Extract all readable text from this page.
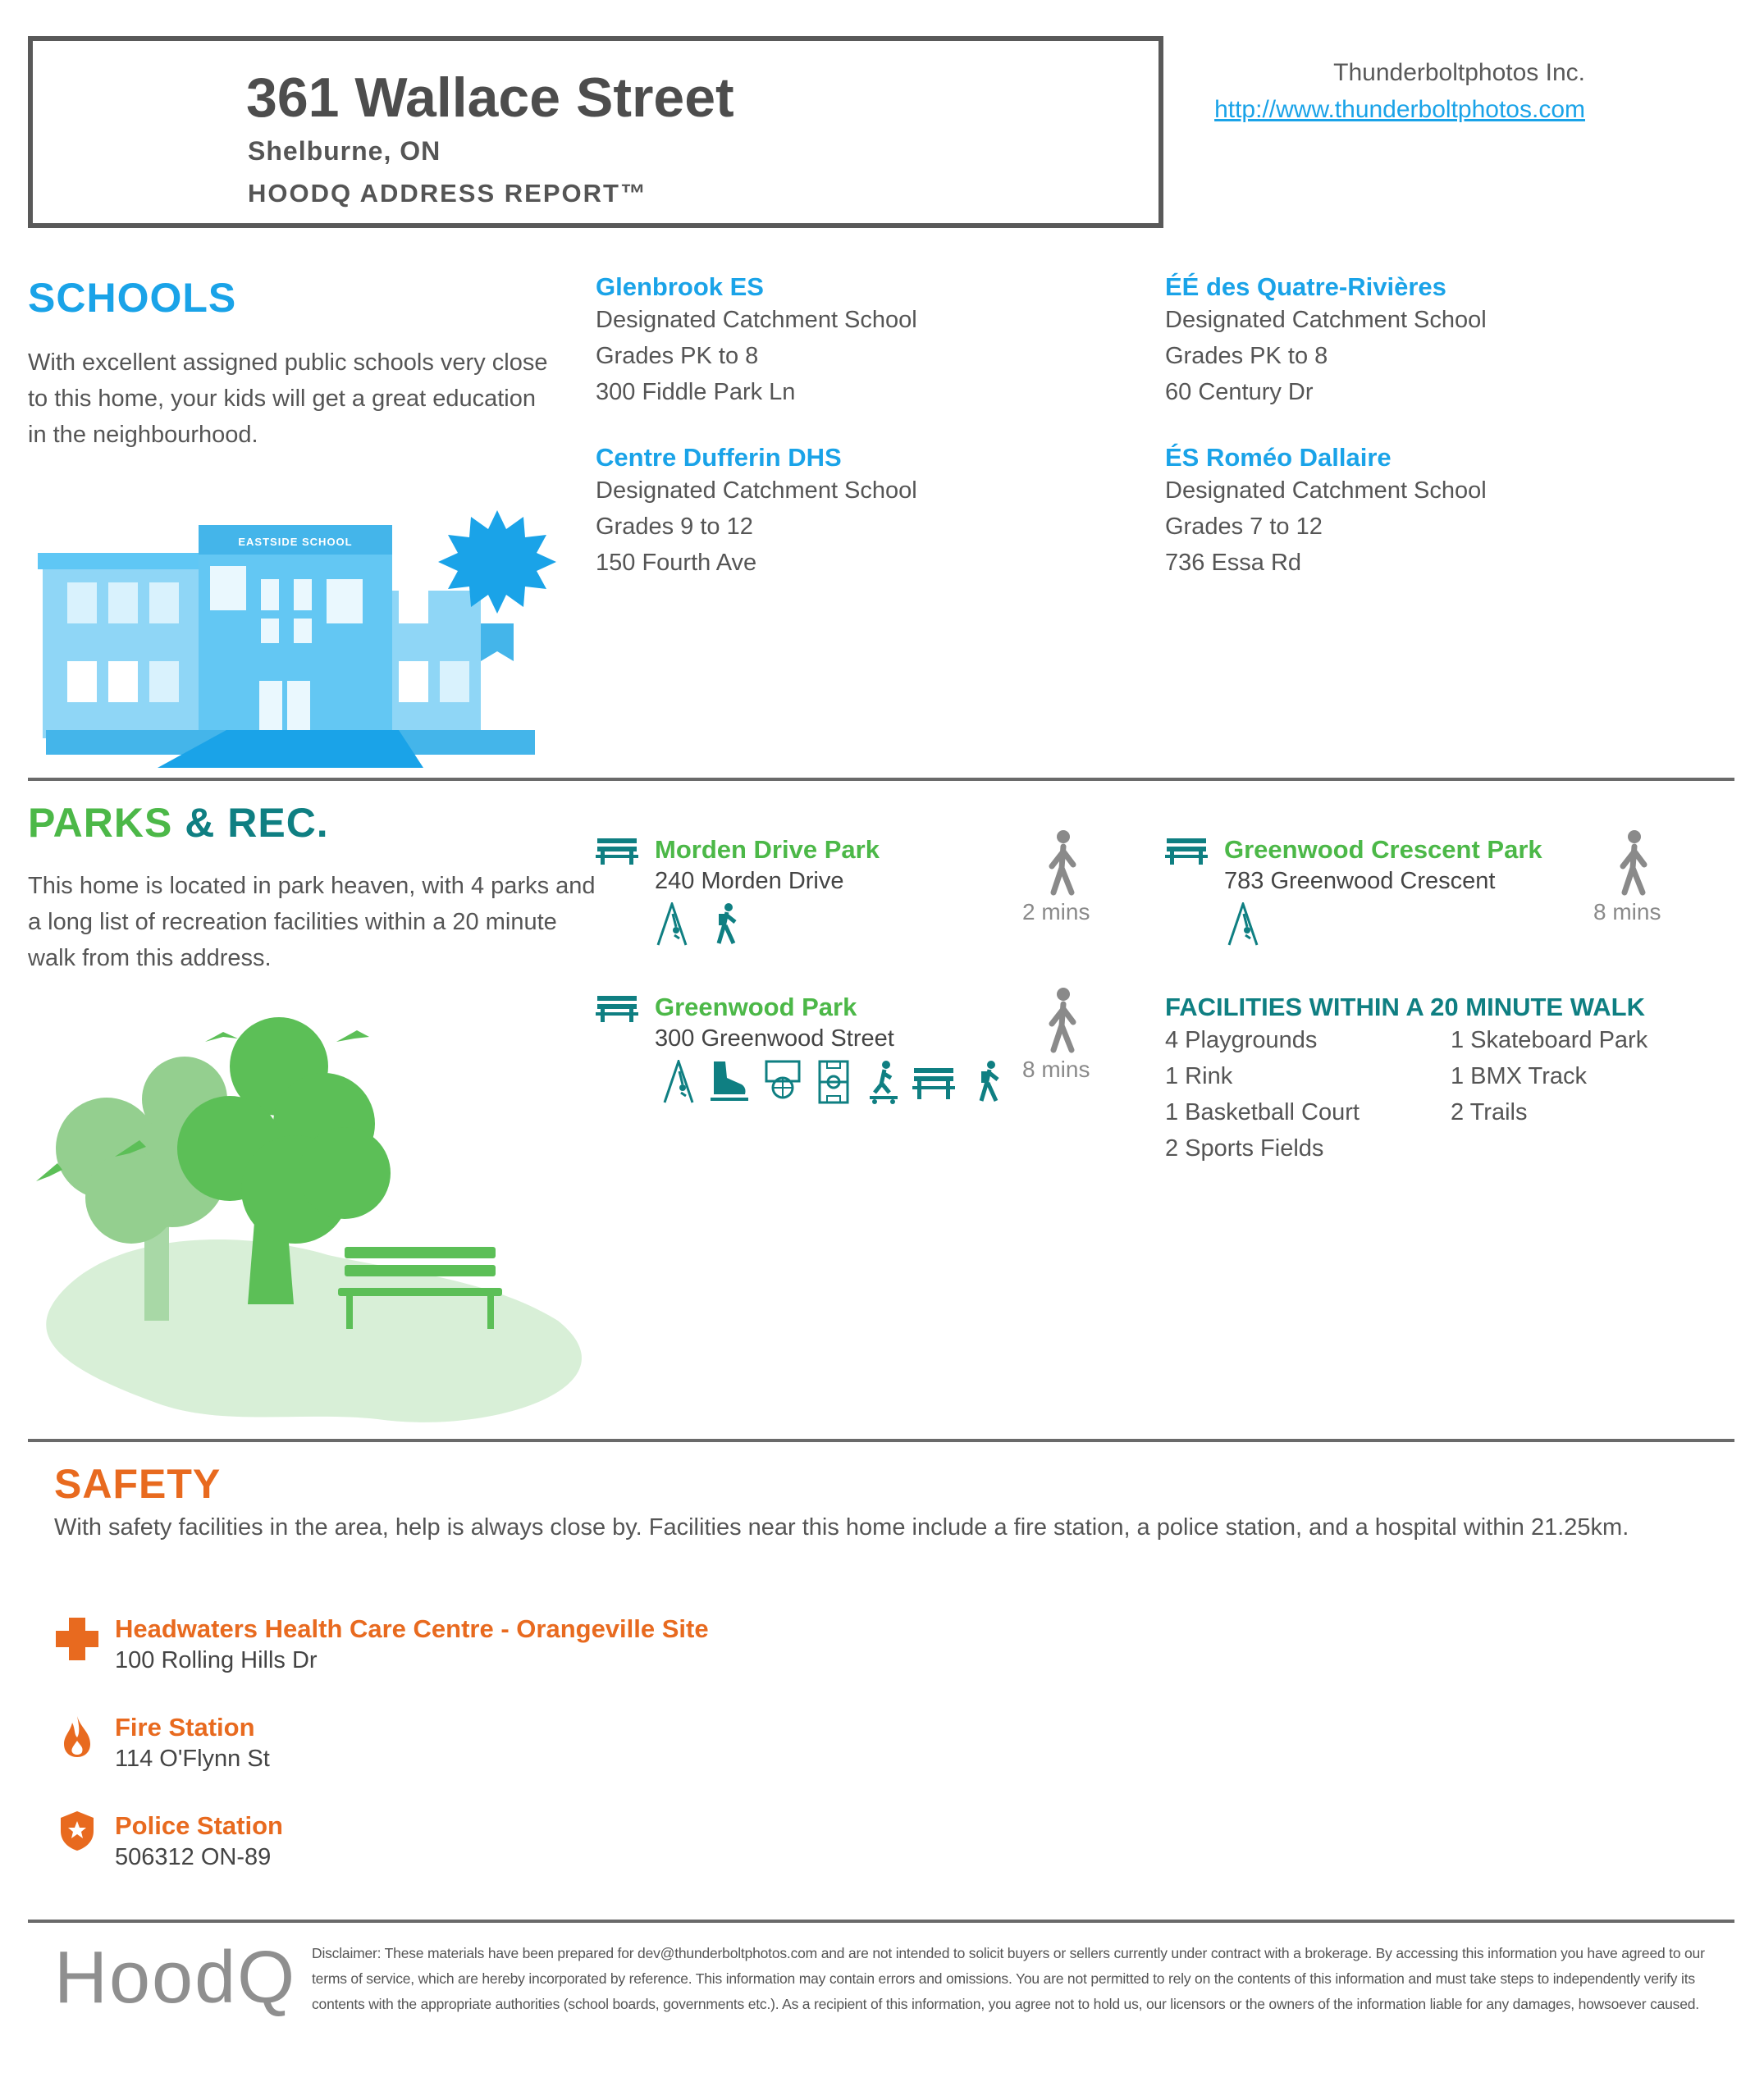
361 Wallace Street
Shelburne, ON
HOODQ ADDRESS REPORT™
Thunderboltphotos Inc.
http://www.thunderboltphotos.com
SCHOOLS
With excellent assigned public schools very close to this home, your kids will get a great education in the neighbourhood.
EASTSIDE SCHOOL
Glenbrook ES
Designated Catchment School
Grades PK to 8
300 Fiddle Park Ln
ÉÉ des Quatre-Rivières
Designated Catchment School
Grades PK to 8
60 Century Dr
Centre Dufferin DHS
Designated Catchment School
Grades 9 to 12
150 Fourth Ave
ÉS Roméo Dallaire
Designated Catchment School
Grades 7 to 12
736 Essa Rd
PARKS & REC.
This home is located in park heaven, with 4 parks and a long list of recreation facilities within a 20 minute walk from this address.
Morden Drive Park
240 Morden Drive
2 mins
Greenwood Crescent Park
783 Greenwood Crescent
8 mins
Greenwood Park
300 Greenwood Street
8 mins
FACILITIES WITHIN A 20 MINUTE WALK
4 Playgrounds
1 Rink
1 Basketball Court
2 Sports Fields
1 Skateboard Park
1 BMX Track
2 Trails
SAFETY
With safety facilities in the area, help is always close by. Facilities near this home include a fire station, a police station, and a hospital within 21.25km.
Headwaters Health Care Centre - Orangeville Site
100 Rolling Hills Dr
Fire Station
114 O'Flynn St
Police Station
506312 ON-89
HoodQ Disclaimer: These materials have been prepared for dev@thunderboltphotos.com and are not intended to solicit buyers or sellers currently under contract with a brokerage. By accessing this information you have agreed to our terms of service, which are hereby incorporated by reference. This information may contain errors and omissions. You are not permitted to rely on the contents of this information and must take steps to independently verify its contents with the appropriate authorities (school boards, governments etc.). As a recipient of this information, you agree not to hold us, our licensors or the owners of the information liable for any damages, howsoever caused.
